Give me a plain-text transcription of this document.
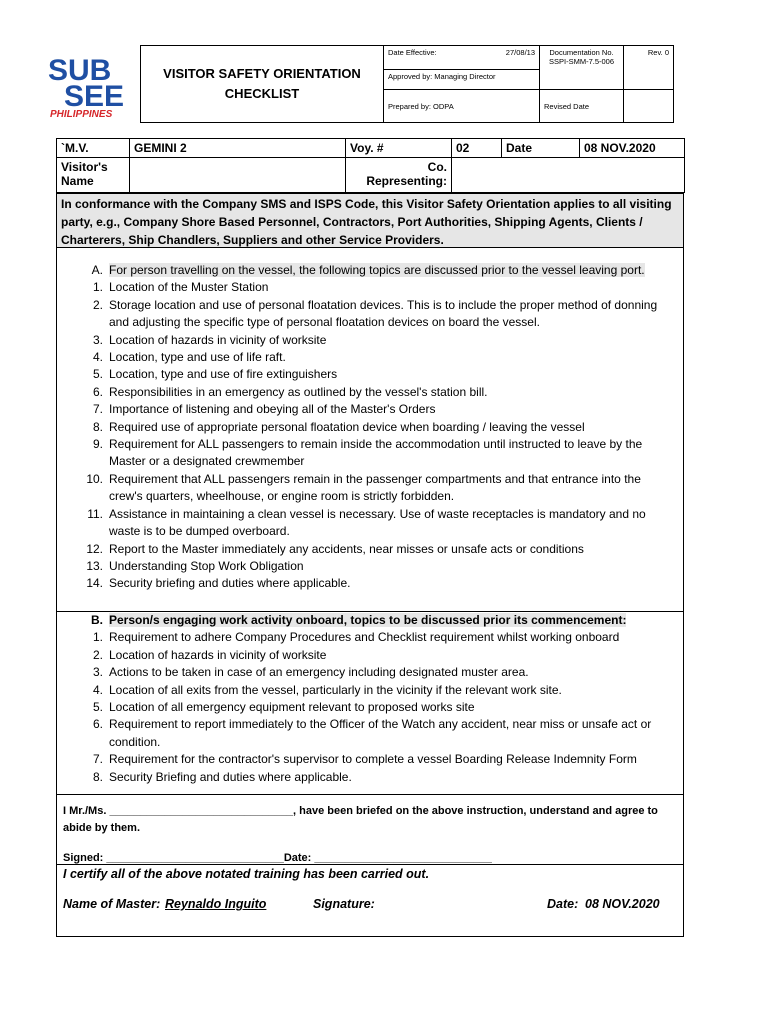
SUB
SEE
PHILIPPINES
VISITOR SAFETY ORIENTATION
CHECKLIST	Date Effective: 27/08/13	Documentation No.
SSPI-SMM-7.5-006	Rev. 0
	Approved by: Managing Director		
	Prepared by: ODPA	Revised Date	
`M.V.	GEMINI 2	Voy. #	02	Date	08 NOV.2020
Visitor's Name		Co. Representing:			
In conformance with the Company SMS and ISPS Code, this Visitor Safety Orientation applies to all visiting party, e.g., Company Shore Based Personnel, Contractors, Port Authorities, Shipping Agents, Clients / Charterers, Ship Chandlers, Suppliers and other Service Providers.
A. For person travelling on the vessel, the following topics are discussed prior to the vessel leaving port.
1. Location of the Muster Station
2. Storage location and use of personal floatation devices. This is to include the proper method of donning and adjusting the specific type of personal floatation devices on board the vessel.
3. Location of hazards in vicinity of worksite
4. Location, type and use of life raft.
5. Location, type and use of fire extinguishers
6. Responsibilities in an emergency as outlined by the vessel's station bill.
7. Importance of listening and obeying all of the Master's Orders
8. Required use of appropriate personal floatation device when boarding / leaving the vessel
9. Requirement for ALL passengers to remain inside the accommodation until instructed to leave by the Master or a designated crewmember
10. Requirement that ALL passengers remain in the passenger compartments and that entrance into the crew's quarters, wheelhouse, or engine room is strictly forbidden.
11. Assistance in maintaining a clean vessel is necessary. Use of waste receptacles is mandatory and no waste is to be dumped overboard.
12. Report to the Master immediately any accidents, near misses or unsafe acts or conditions
13. Understanding Stop Work Obligation
14. Security briefing and duties where applicable.
B. Person/s engaging work activity onboard, topics to be discussed prior its commencement:
1. Requirement to adhere Company Procedures and Checklist requirement whilst working onboard
2. Location of hazards in vicinity of worksite
3. Actions to be taken in case of an emergency including designated muster area.
4. Location of all exits from the vessel, particularly in the vicinity if the relevant work site.
5. Location of all emergency equipment relevant to proposed works site
6. Requirement to report immediately to the Officer of the Watch any accident, near miss or unsafe act or condition.
7. Requirement for the contractor's supervisor to complete a vessel Boarding Release Indemnity Form
8. Security Briefing and duties where applicable.
I Mr./Ms. ______________________________, have been briefed on the above instruction, understand and agree to abide by them.
Signed: _____________________________Date: _____________________________
I certify all of the above notated training has been carried out.
Name of Master: Reynaldo Inguito	Signature:	Date: 08 NOV.2020
